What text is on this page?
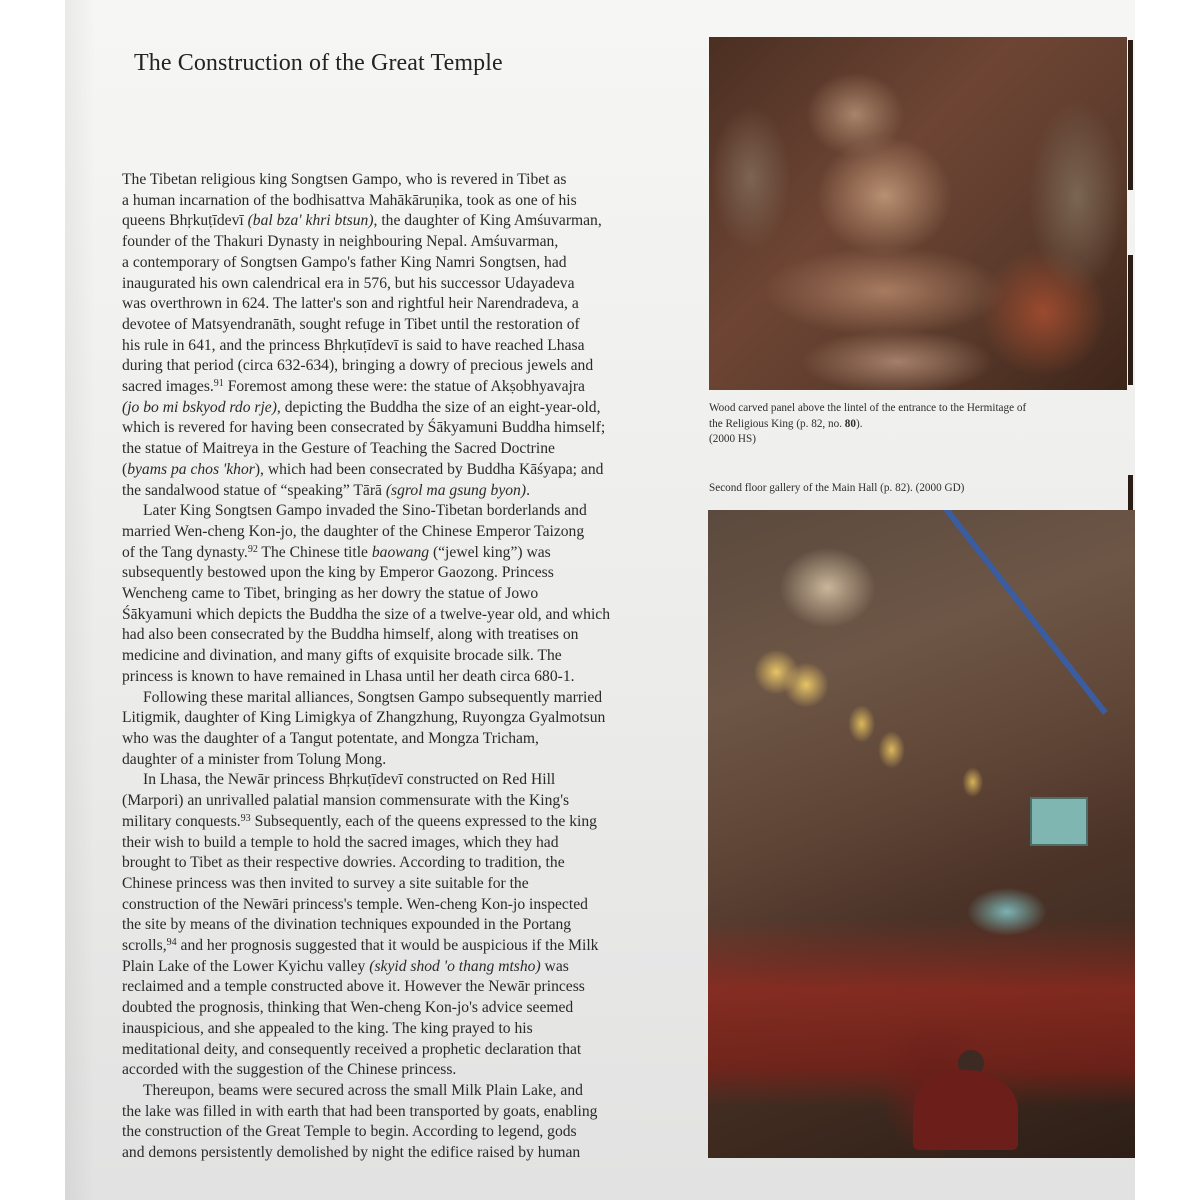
The Construction of the Great Temple

The Tibetan religious king Songtsen Gampo, who is revered in Tibet as
a human incarnation of the bodhisattva Mahākāruṇika, took as one of his
queens Bhṛkuṭīdevī (bal bza' khri btsun), the daughter of King Amśuvarman,
founder of the Thakuri Dynasty in neighbouring Nepal. Amśuvarman,
a contemporary of Songtsen Gampo's father King Namri Songtsen, had
inaugurated his own calendrical era in 576, but his successor Udayadeva
was overthrown in 624. The latter's son and rightful heir Narendradeva, a
devotee of Matsyendranāth, sought refuge in Tibet until the restoration of
his rule in 641, and the princess Bhṛkuṭīdevī is said to have reached Lhasa
during that period (circa 632-634), bringing a dowry of precious jewels and
sacred images.$^{91}$ Foremost among these were: the statue of Akṣobhyavajra
(jo bo mi bskyod rdo rje), depicting the Buddha the size of an eight-year-old,
which is revered for having been consecrated by Śākyamuni Buddha himself;
the statue of Maitreya in the Gesture of Teaching the Sacred Doctrine
(byams pa chos 'khor), which had been consecrated by Buddha Kāśyapa; and
the sandalwood statue of “speaking” Tārā (sgrol ma gsung byon).

Later King Songtsen Gampo invaded the Sino-Tibetan borderlands and
married Wen-cheng Kon-jo, the daughter of the Chinese Emperor Taizong
of the Tang dynasty.$^{92}$ The Chinese title baowang (“jewel king”) was
subsequently bestowed upon the king by Emperor Gaozong. Princess
Wencheng came to Tibet, bringing as her dowry the statue of Jowo
Śākyamuni which depicts the Buddha the size of a twelve-year old, and which
had also been consecrated by the Buddha himself, along with treatises on
medicine and divination, and many gifts of exquisite brocade silk. The
princess is known to have remained in Lhasa until her death circa 680-1.

Following these marital alliances, Songtsen Gampo subsequently married
Litigmik, daughter of King Limigkya of Zhangzhung, Ruyongza Gyalmotsun
who was the daughter of a Tangut potentate, and Mongza Tricham,
daughter of a minister from Tolung Mong.

In Lhasa, the Newār princess Bhṛkuṭīdevī constructed on Red Hill
(Marpori) an unrivalled palatial mansion commensurate with the King's
military conquests.$^{93}$ Subsequently, each of the queens expressed to the king
their wish to build a temple to hold the sacred images, which they had
brought to Tibet as their respective dowries. According to tradition, the
Chinese princess was then invited to survey a site suitable for the
construction of the Newāri princess's temple. Wen-cheng Kon-jo inspected
the site by means of the divination techniques expounded in the Portang
scrolls,$^{94}$ and her prognosis suggested that it would be auspicious if the Milk
Plain Lake of the Lower Kyichu valley (skyid shod 'o thang mtsho) was
reclaimed and a temple constructed above it. However the Newār princess
doubted the prognosis, thinking that Wen-cheng Kon-jo's advice seemed
inauspicious, and she appealed to the king. The king prayed to his
meditational deity, and consequently received a prophetic declaration that
accorded with the suggestion of the Chinese princess.

Thereupon, beams were secured across the small Milk Plain Lake, and
the lake was filled in with earth that had been transported by goats, enabling
the construction of the Great Temple to begin. According to legend, gods
and demons persistently demolished by night the edifice raised by human

Wood carved panel above the lintel of the entrance to the Hermitage of the Religious King (p. 82, no. 80).
(2000 HS)

Second floor gallery of the Main Hall (p. 82). (2000 GD)
